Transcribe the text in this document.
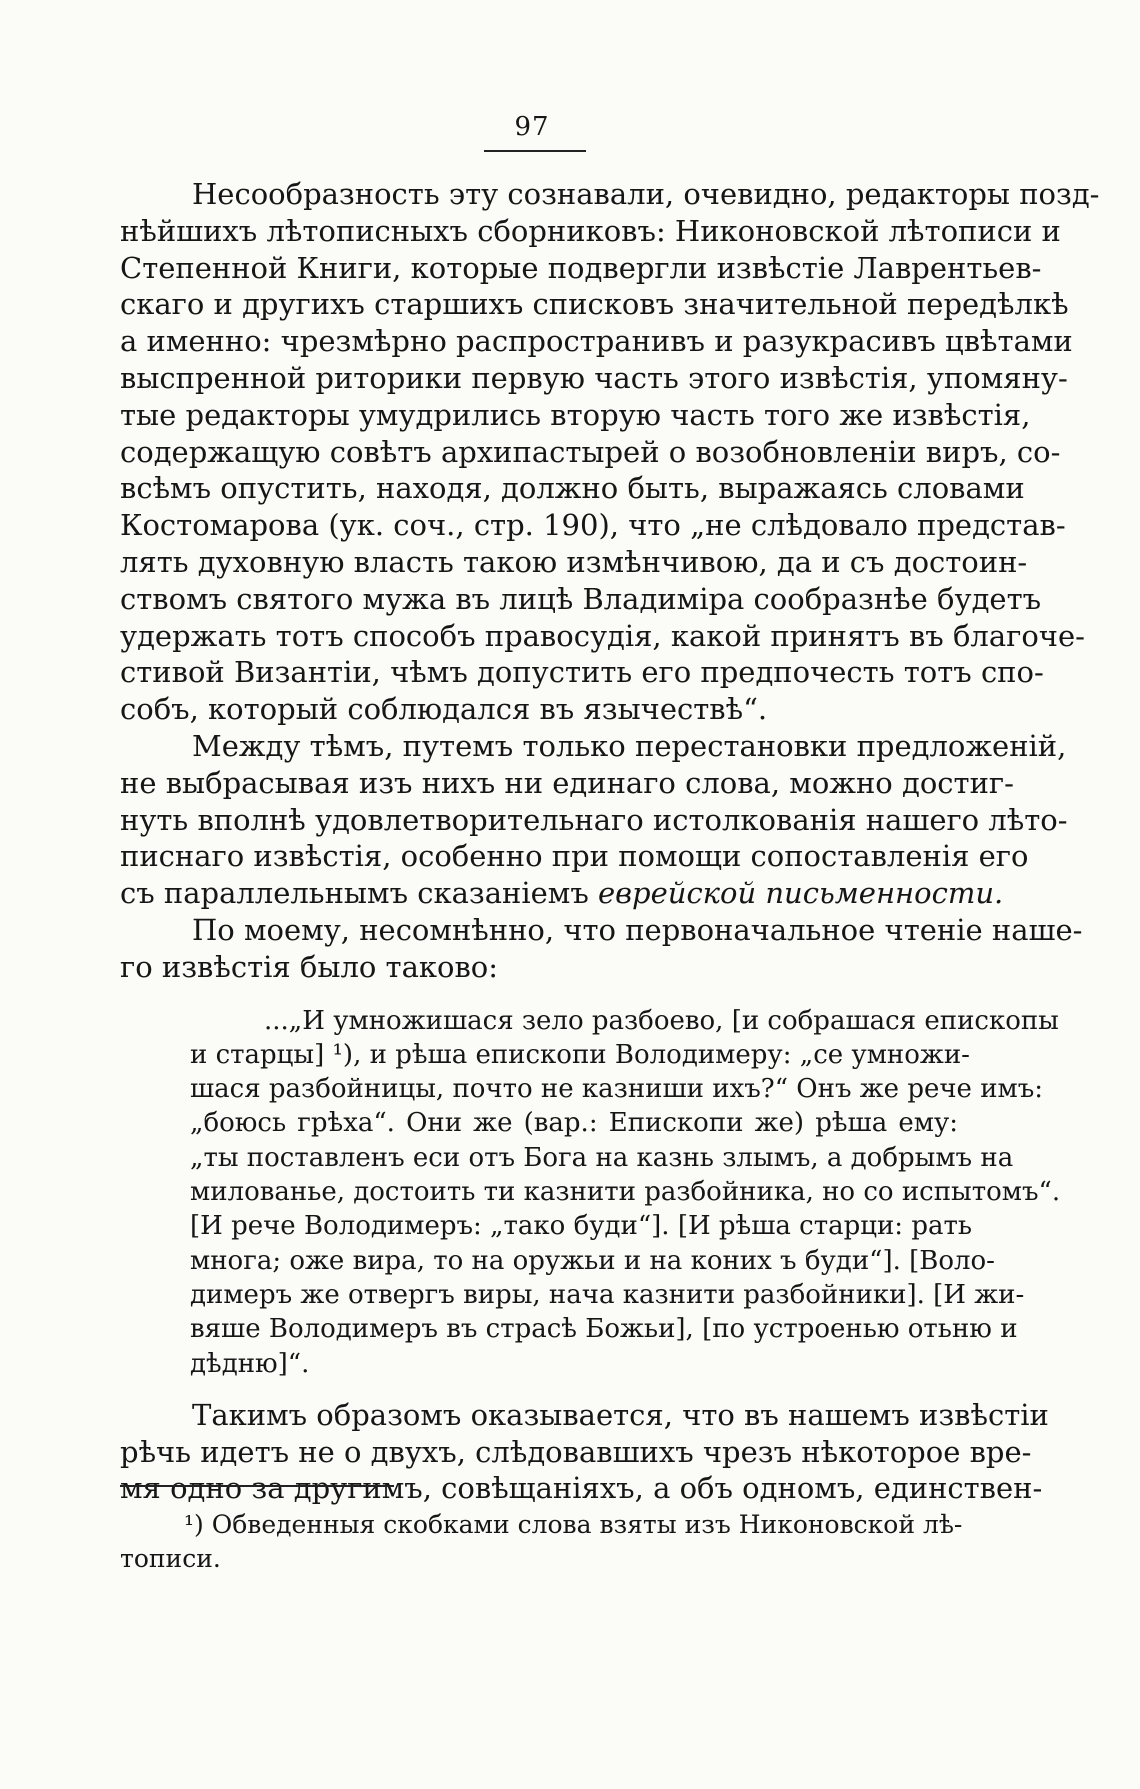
97
Несообразность эту сознавали, очевидно, редакторы позд-
нѣйшихъ лѣтописныхъ сборниковъ: Никоновской лѣтописи и
Степенной Книги, которые подвергли извѣстіе Лаврентьев-
скаго и другихъ старшихъ списковъ значительной передѣлкѣ
а именно: чрезмѣрно распространивъ и разукрасивъ цвѣтами
выспренной риторики первую часть этого извѣстія, упомяну-
тые редакторы умудрились вторую часть того же извѣстія,
содержащую совѣтъ архипастырей о возобновленіи виръ, со-
всѣмъ опустить, находя, должно быть, выражаясь словами
Костомарова (ук. соч., стр. 190), что „не слѣдовало представ-
лять духовную власть такою измѣнчивою, да и съ достоин-
ствомъ святого мужа въ лицѣ Владиміра сообразнѣе будетъ
удержать тотъ способъ правосудія, какой принятъ въ благоче-
стивой Византіи, чѣмъ допустить его предпочесть тотъ спо-
собъ, который соблюдался въ язычествѣ“.
Между тѣмъ, путемъ только перестановки предложеній,
не выбрасывая изъ нихъ ни единаго слова, можно достиг-
нуть вполнѣ удовлетворительнаго истолкованія нашего лѣто-
писнаго извѣстія, особенно при помощи сопоставленія его
съ параллельнымъ сказаніемъ еврейской письменности.
По моему, несомнѣнно, что первоначальное чтеніе наше-
го извѣстія было таково:
...„И умножишася зело разбоево, [и собрашася епископы
и старцы] ¹), и рѣша епископи Володимеру: „се умножи-
шася разбойницы, почто не казниши ихъ?“ Онъ же рече имъ:
„боюсь грѣха“. Они же (вар.: Епископи же) рѣша ему:
„ты поставленъ еси отъ Бога на казнь злымъ, а добрымъ на
милованье, достоить ти казнити разбойника, но со испытомъ“.
[И рече Володимеръ: „тако буди“]. [И рѣша старци: рать
многа; оже вира, то на оружьи и на коних ъ буди“]. [Воло-
димеръ же отвергъ виры, нача казнити разбойники]. [И жи-
вяше Володимеръ въ страсѣ Божьи], [по устроенью отьню и
дѣдню]“.
Такимъ образомъ оказывается, что въ нашемъ извѣстіи
рѣчь идетъ не о двухъ, слѣдовавшихъ чрезъ нѣкоторое вре-
мя одно за другимъ, совѣщаніяхъ, а объ одномъ, единствен-
¹) Обведенныя скобками слова взяты изъ Никоновской лѣ-
тописи.
